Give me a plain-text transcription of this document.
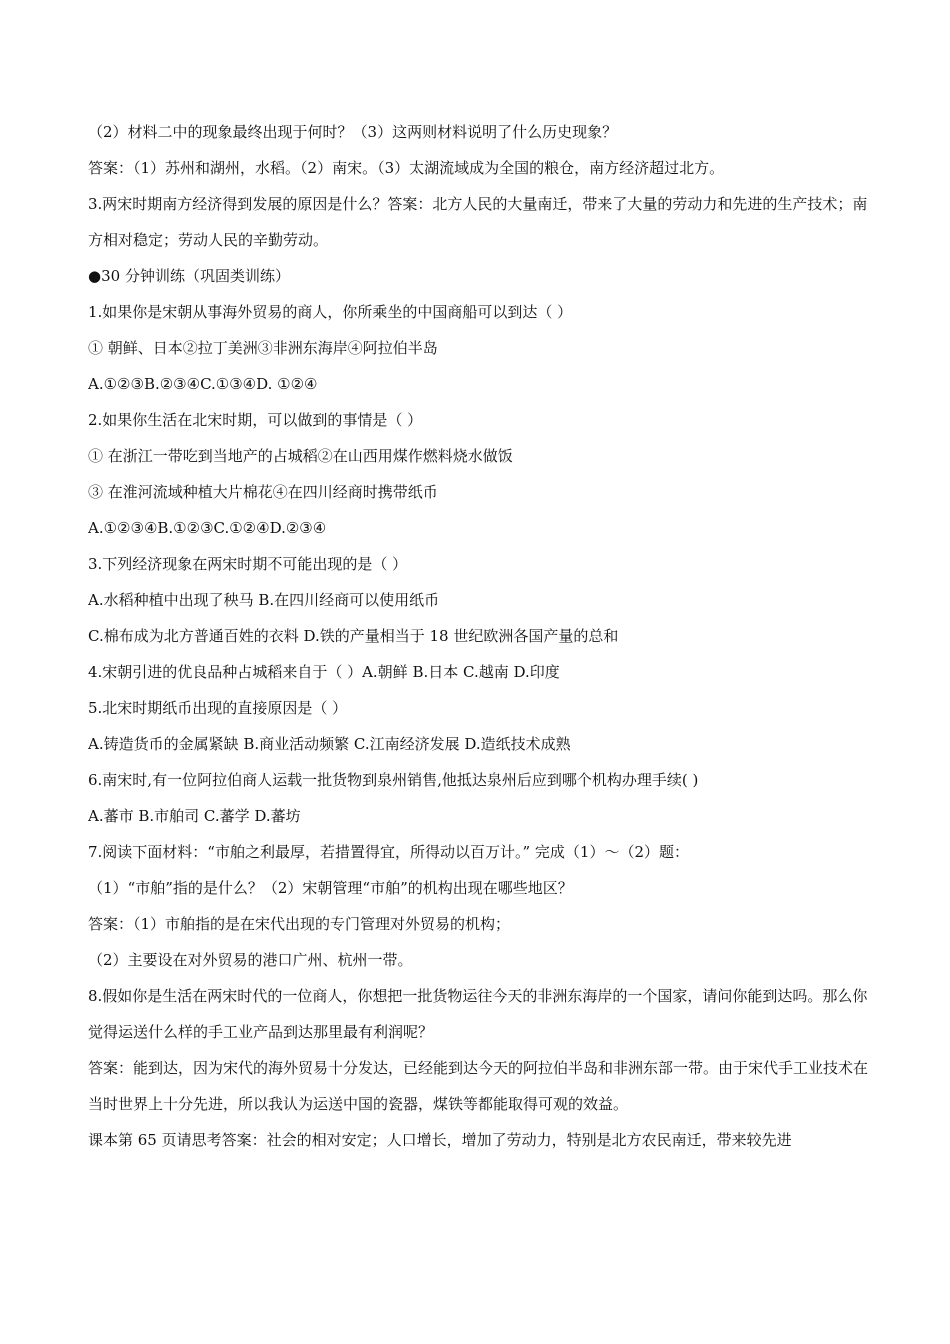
（2）材料二中的现象最终出现于何时？（3）这两则材料说明了什么历史现象？
答案：（1）苏州和湖州，水稻。（2）南宋。（3）太湖流域成为全国的粮仓，南方经济超过北方。
3.两宋时期南方经济得到发展的原因是什么？答案：北方人民的大量南迁，带来了大量的劳动力和先进的生产技术；南方相对稳定；劳动人民的辛勤劳动。
●30 分钟训练（巩固类训练）
1.如果你是宋朝从事海外贸易的商人，你所乘坐的中国商船可以到达（ ）
① 朝鲜、日本②拉丁美洲③非洲东海岸④阿拉伯半岛
A.①②③B.②③④C.①③④D. ①②④
2.如果你生活在北宋时期，可以做到的事情是（ ）
① 在浙江一带吃到当地产的占城稻②在山西用煤作燃料烧水做饭
③ 在淮河流域种植大片棉花④在四川经商时携带纸币
A.①②③④B.①②③C.①②④D.②③④
3.下列经济现象在两宋时期不可能出现的是（ ）
A.水稻种植中出现了秧马 B.在四川经商可以使用纸币
C.棉布成为北方普通百姓的衣料 D.铁的产量相当于 18 世纪欧洲各国产量的总和
4.宋朝引进的优良品种占城稻来自于（ ）A.朝鲜 B.日本 C.越南 D.印度
5.北宋时期纸币出现的直接原因是（ ）
A.铸造货币的金属紧缺 B.商业活动频繁 C.江南经济发展 D.造纸技术成熟
6.南宋时,有一位阿拉伯商人运载一批货物到泉州销售,他抵达泉州后应到哪个机构办理手续( )
A.蕃市 B.市舶司 C.蕃学 D.蕃坊
7.阅读下面材料：“市舶之利最厚，若措置得宜，所得动以百万计。” 完成（1）～（2）题：
（1）“市舶”指的是什么？（2）宋朝管理“市舶”的机构出现在哪些地区？
答案：（1）市舶指的是在宋代出现的专门管理对外贸易的机构；
（2）主要设在对外贸易的港口广州、杭州一带。
8.假如你是生活在两宋时代的一位商人，你想把一批货物运往今天的非洲东海岸的一个国家，请问你能到达吗。那么你觉得运送什么样的手工业产品到达那里最有利润呢？
答案：能到达，因为宋代的海外贸易十分发达，已经能到达今天的阿拉伯半岛和非洲东部一带。由于宋代手工业技术在当时世界上十分先进，所以我认为运送中国的瓷器，煤铁等都能取得可观的效益。
课本第 65 页请思考答案：社会的相对安定；人口增长，增加了劳动力，特别是北方农民南迁，带来较先进
